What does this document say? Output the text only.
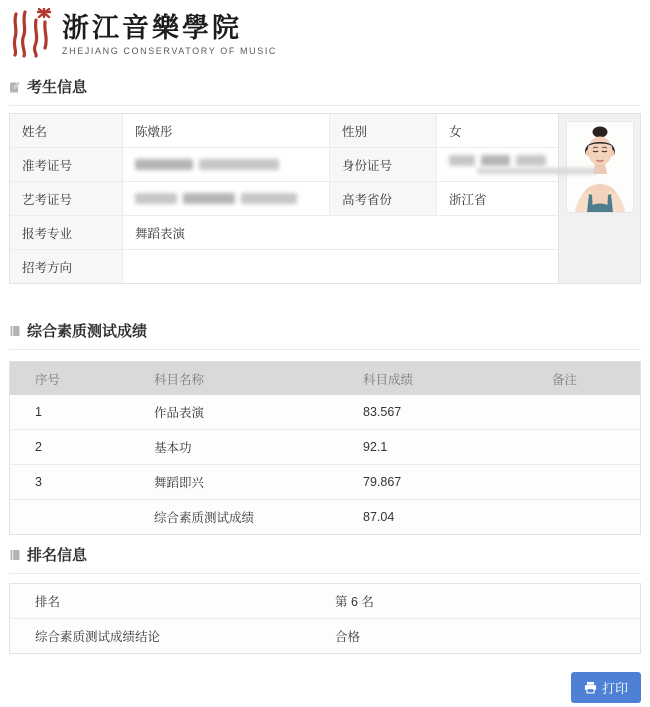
浙江音樂學院
ZHEJIANG CONSERVATORY OF MUSIC
考生信息
姓名	陈燉彤	性别	女
准考证号		身份证号	

艺考证号		高考省份	浙江省
报考专业	舞蹈表演		
招考方向			
综合素质测试成绩
序号	科目名称	科目成绩	备注
1	作品表演	83.567	
2	基本功	92.1	
3	舞蹈即兴	79.867	
	综合素质测试成绩	87.04	
排名信息
排名	第 6 名
综合素质测试成绩结论	合格
打印
